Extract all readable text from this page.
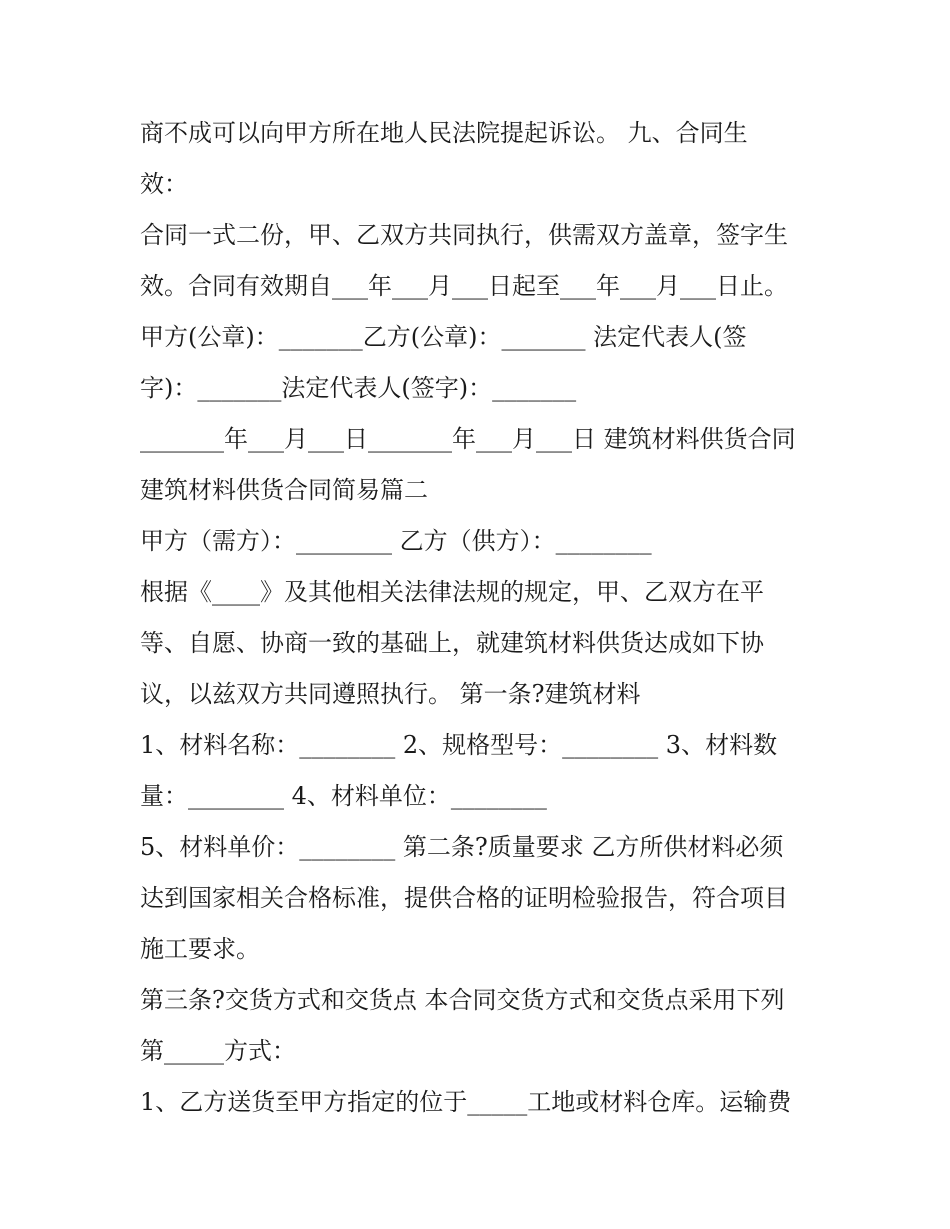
商不成可以向甲方所在地人民法院提起诉讼。 九、合同生

效：

合同一式二份，甲、乙双方共同执行，供需双方盖章，签字生

效。合同有效期自___年___月___日起至___年___月___日止。

甲方(公章)：_______乙方(公章)：_______ 法定代表人(签

字)：_______法定代表人(签字)：_______

_______年___月___日_______年___月___日 建筑材料供货合同

建筑材料供货合同简易篇二

甲方（需方）：________ 乙方（供方）：________

根据《____》及其他相关法律法规的规定，甲、乙双方在平

等、自愿、协商一致的基础上，就建筑材料供货达成如下协

议，以兹双方共同遵照执行。 第一条?建筑材料

1、材料名称：________ 2、规格型号：________ 3、材料数

量：________ 4、材料单位：________

5、材料单价：________ 第二条?质量要求 乙方所供材料必须

达到国家相关合格标准，提供合格的证明检验报告，符合项目

施工要求。

第三条?交货方式和交货点 本合同交货方式和交货点采用下列

第_____方式：

1、乙方送货至甲方指定的位于_____工地或材料仓库。运输费
